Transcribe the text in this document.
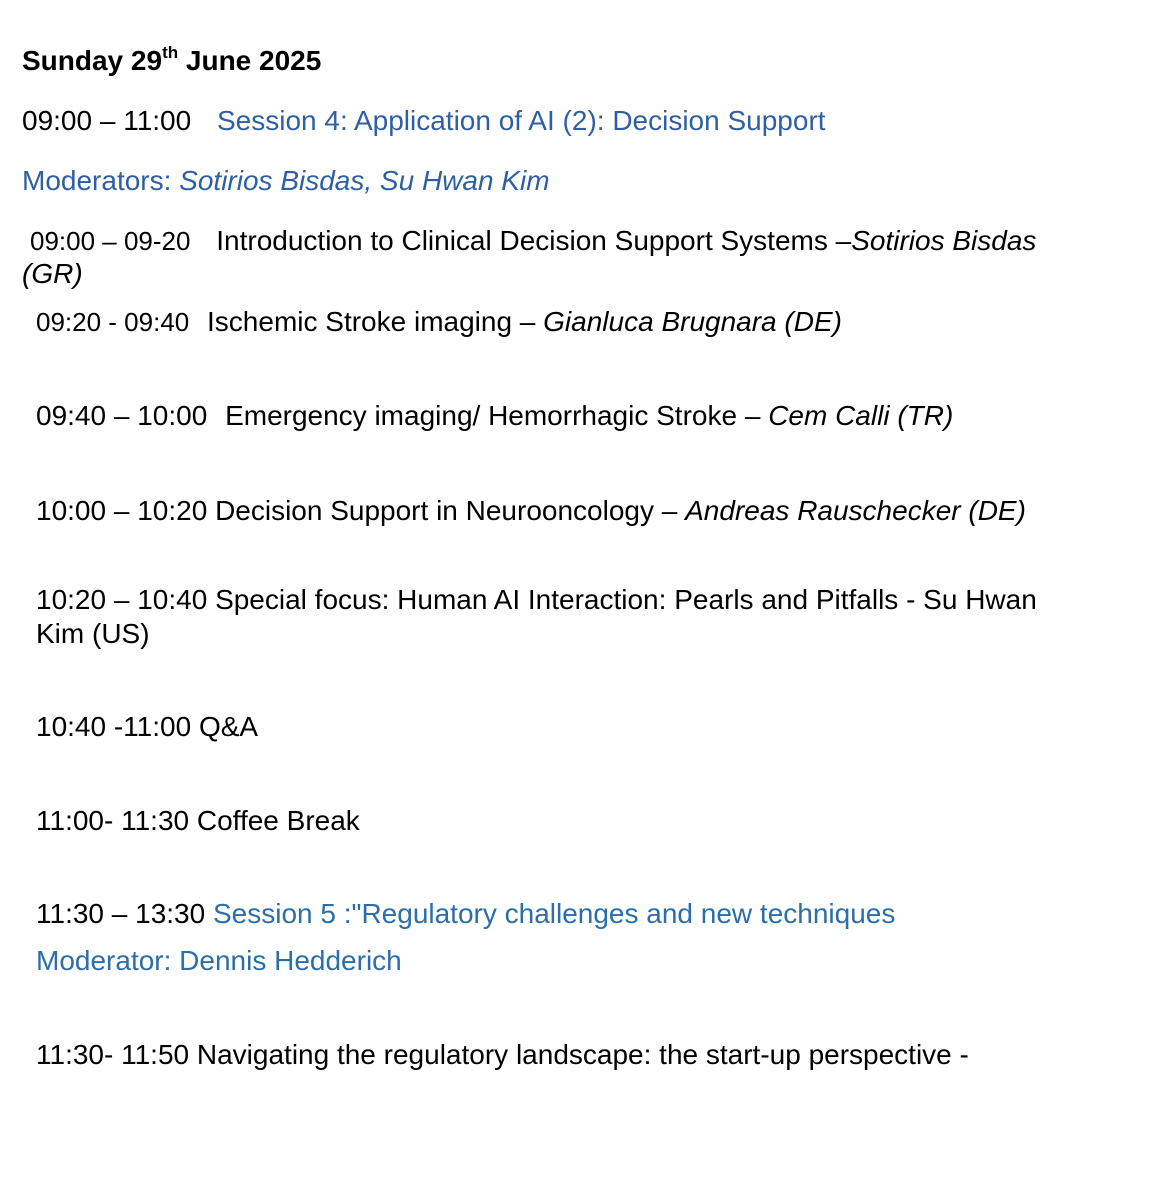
Sunday 29th June 2025
09:00 – 11:00 Session 4: Application of AI (2): Decision Support
Moderators: Sotirios Bisdas, Su Hwan Kim
09:00 – 09-20 Introduction to Clinical Decision Support Systems –Sotirios Bisdas
(GR)
09:20 - 09:40 Ischemic Stroke imaging – Gianluca Brugnara (DE)
09:40 – 10:00 Emergency imaging/ Hemorrhagic Stroke – Cem Calli (TR)
10:00 – 10:20 Decision Support in Neurooncology – Andreas Rauschecker (DE)
10:20 – 10:40 Special focus: Human AI Interaction: Pearls and Pitfalls - Su Hwan
Kim (US)
10:40 -11:00 Q&A
11:00- 11:30 Coffee Break
11:30 – 13:30 Session 5 :"Regulatory challenges and new techniques
Moderator: Dennis Hedderich
11:30- 11:50 Navigating the regulatory landscape: the start-up perspective -
